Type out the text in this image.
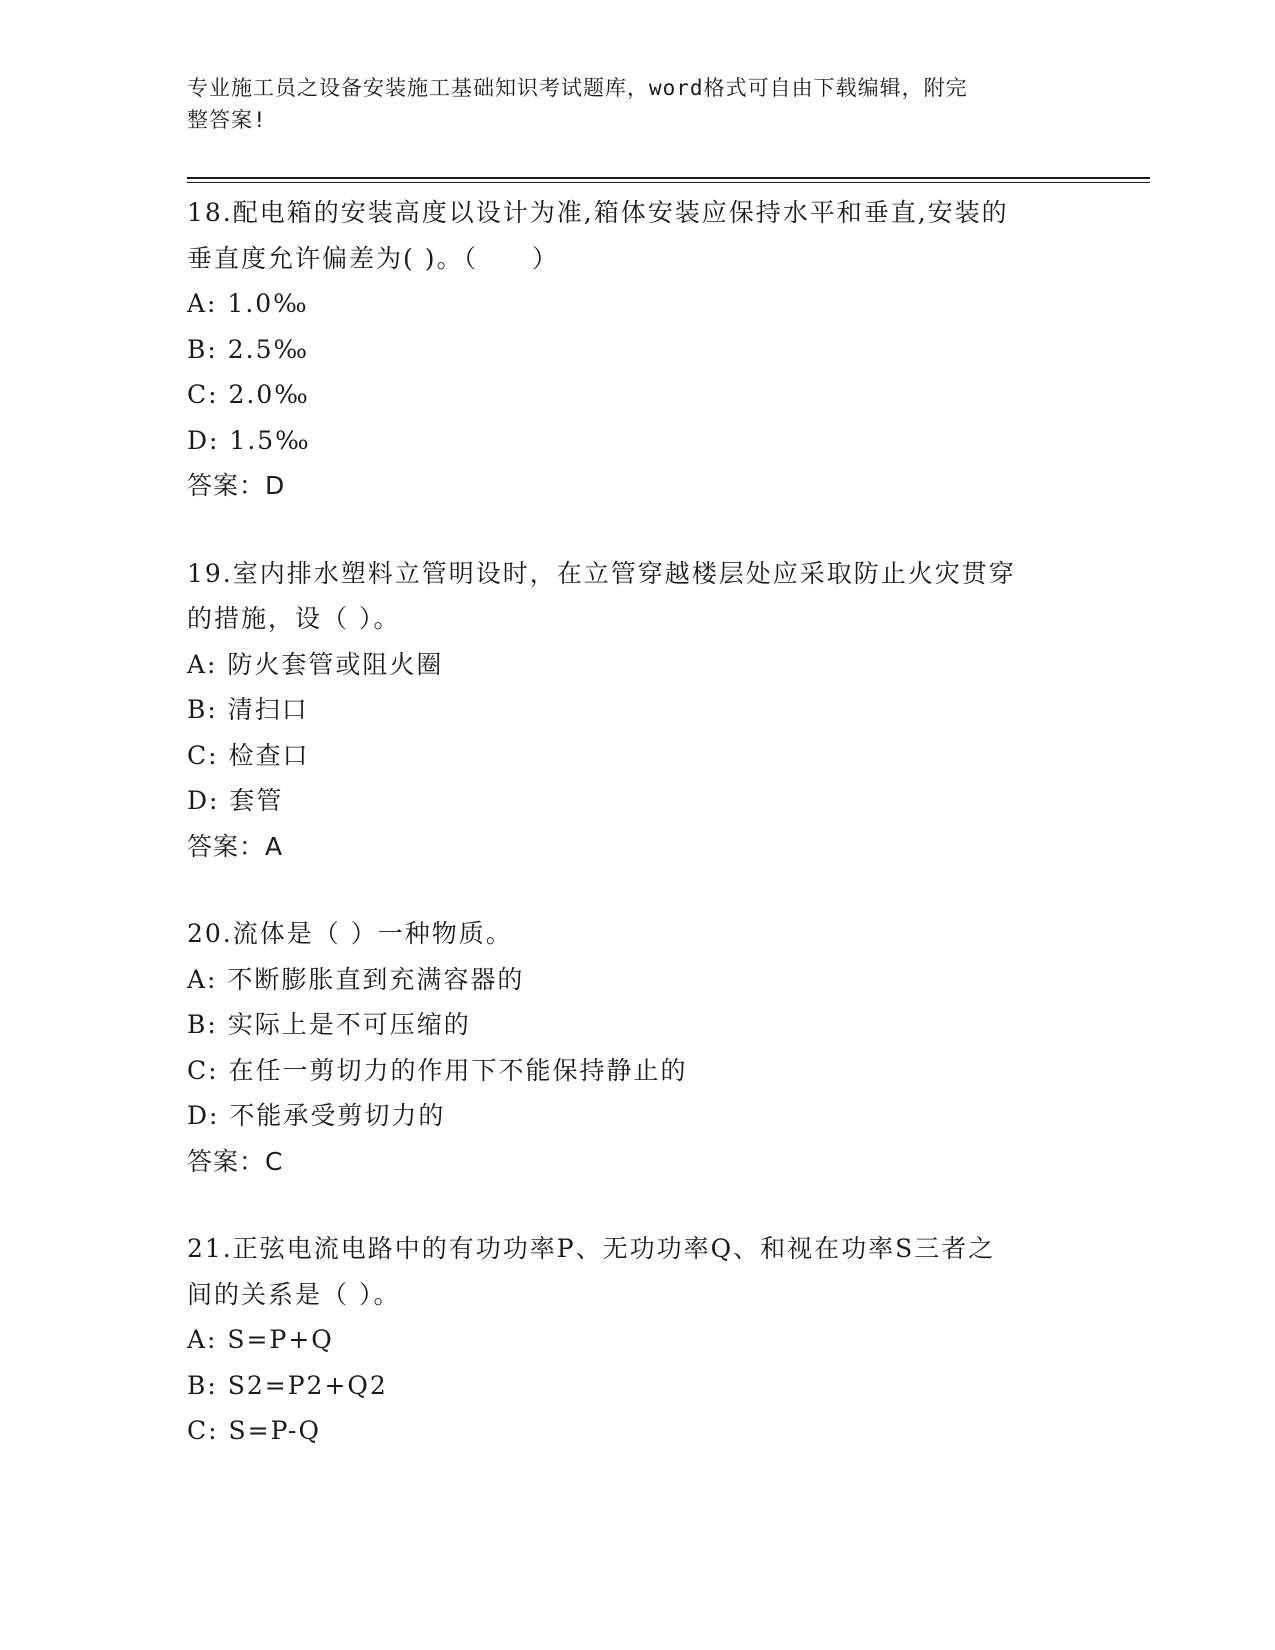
专业施工员之设备安装施工基础知识考试题库，word格式可自由下载编辑，附完
整答案!
18.配电箱的安装高度以设计为准,箱体安装应保持水平和垂直,安装的
垂直度允许偏差为( )。（　　）
A: 1.0‰
B: 2.5‰
C: 2.0‰
D: 1.5‰
答案：D
19.室内排水塑料立管明设时，在立管穿越楼层处应采取防止火灾贯穿
的措施，设（ ）。
A: 防火套管或阻火圈
B: 清扫口
C: 检查口
D: 套管
答案：A
20.流体是（ ）一种物质。
A: 不断膨胀直到充满容器的
B: 实际上是不可压缩的
C: 在任一剪切力的作用下不能保持静止的
D: 不能承受剪切力的
答案：C
21.正弦电流电路中的有功功率P、无功功率Q、和视在功率S三者之
间的关系是（ ）。
A: S=P+Q
B: S2=P2+Q2
C: S=P-Q
